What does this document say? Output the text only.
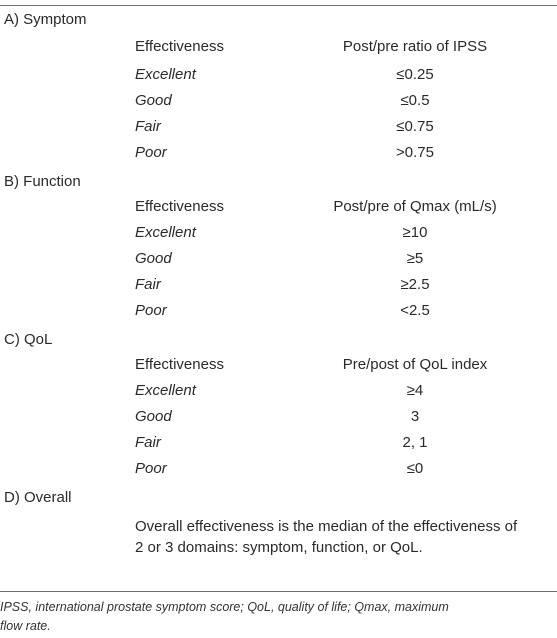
A) Symptom
Effectiveness	Post/pre ratio of IPSS
Excellent	≤0.25
Good	≤0.5
Fair	≤0.75
Poor	>0.75
B) Function
Effectiveness	Post/pre of Qmax (mL/s)
Excellent	≥10
Good	≥5
Fair	≥2.5
Poor	<2.5
C) QoL
Effectiveness	Pre/post of QoL index
Excellent	≥4
Good	3
Fair	2, 1
Poor	≤0
D) Overall
Overall effectiveness is the median of the effectiveness of
2 or 3 domains: symptom, function, or QoL.
IPSS, international prostate symptom score; QoL, quality of life; Qmax, maximum
flow rate.
